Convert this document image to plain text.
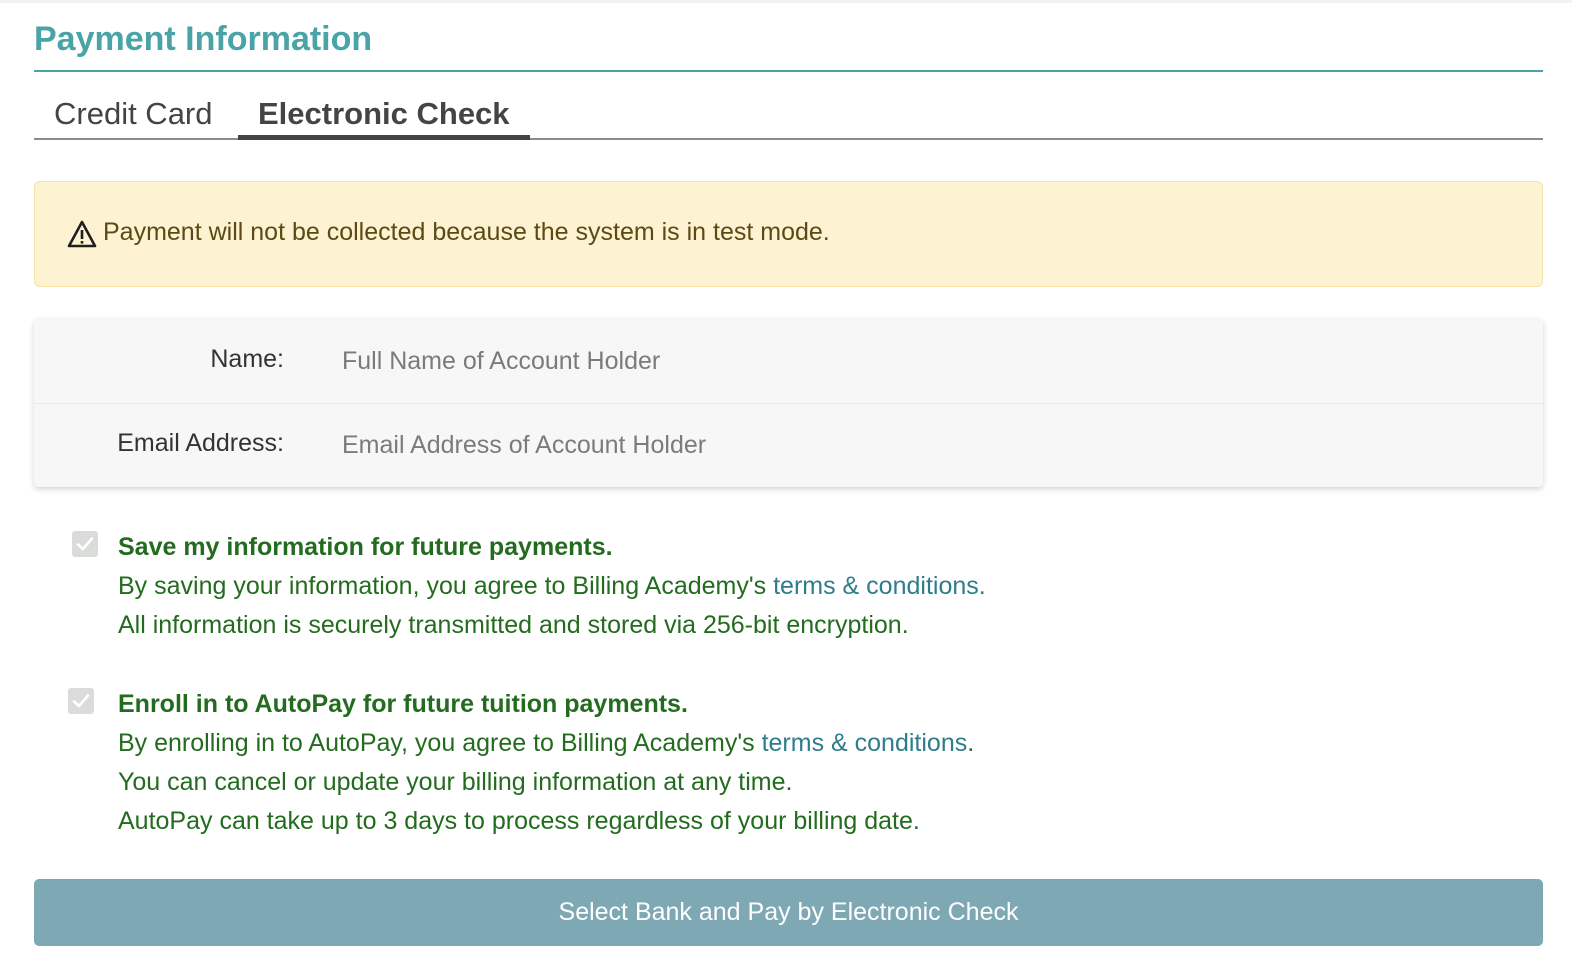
Payment Information
Credit Card	Electronic Check
Payment will not be collected because the system is in test mode.
Name:
Full Name of Account Holder
Email Address:
Email Address of Account Holder
Save my information for future payments.
By saving your information, you agree to Billing Academy's terms & conditions.
All information is securely transmitted and stored via 256-bit encryption.
Enroll in to AutoPay for future tuition payments.
By enrolling in to AutoPay, you agree to Billing Academy's terms & conditions.
You can cancel or update your billing information at any time.
AutoPay can take up to 3 days to process regardless of your billing date.
Select Bank and Pay by Electronic Check
